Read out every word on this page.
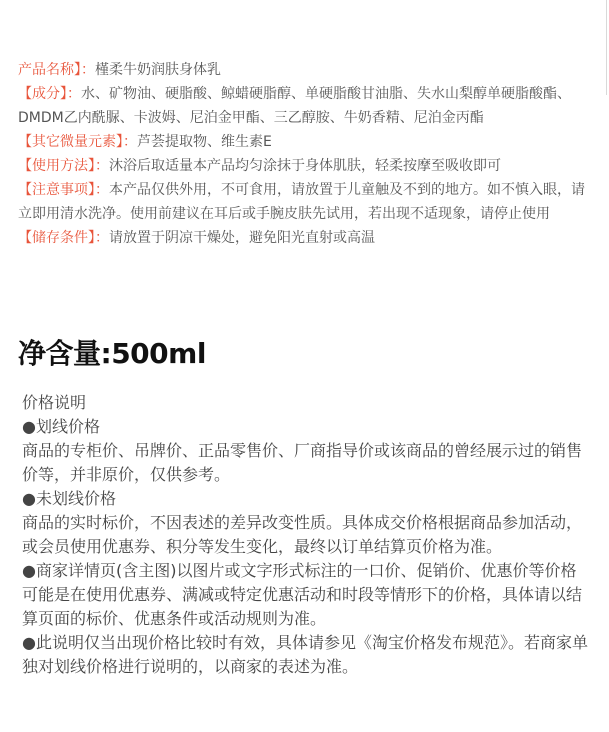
产品名称】：槿柔牛奶润肤身体乳

【成分】：水、矿物油、硬脂酸、鲸蜡硬脂醇、单硬脂酸甘油脂、失水山梨醇单硬脂酸酯、DMDM乙内酰脲、卡波姆、尼泊金甲酯、三乙醇胺、牛奶香精、尼泊金丙酯

【其它微量元素】：芦荟提取物、维生素E

【使用方法】：沐浴后取适量本产品均匀涂抹于身体肌肤，轻柔按摩至吸收即可

【注意事项】：本产品仅供外用，不可食用，请放置于儿童触及不到的地方。如不慎入眼，请立即用清水洗净。使用前建议在耳后或手腕皮肤先试用，若出现不适现象，请停止使用

【储存条件】：请放置于阴凉干燥处，避免阳光直射或高温

净含量:500ml

价格说明

●划线价格

商品的专柜价、吊牌价、正品零售价、厂商指导价或该商品的曾经展示过的销售价等，并非原价，仅供参考。

●未划线价格

商品的实时标价，不因表述的差异改变性质。具体成交价格根据商品参加活动，或会员使用优惠券、积分等发生变化，最终以订单结算页价格为准。

●商家详情页(含主图)以图片或文字形式标注的一口价、促销价、优惠价等价格可能是在使用优惠券、满减或特定优惠活动和时段等情形下的价格，具体请以结算页面的标价、优惠条件或活动规则为准。

●此说明仅当出现价格比较时有效，具体请参见《淘宝价格发布规范》。若商家单独对划线价格进行说明的，以商家的表述为准。
